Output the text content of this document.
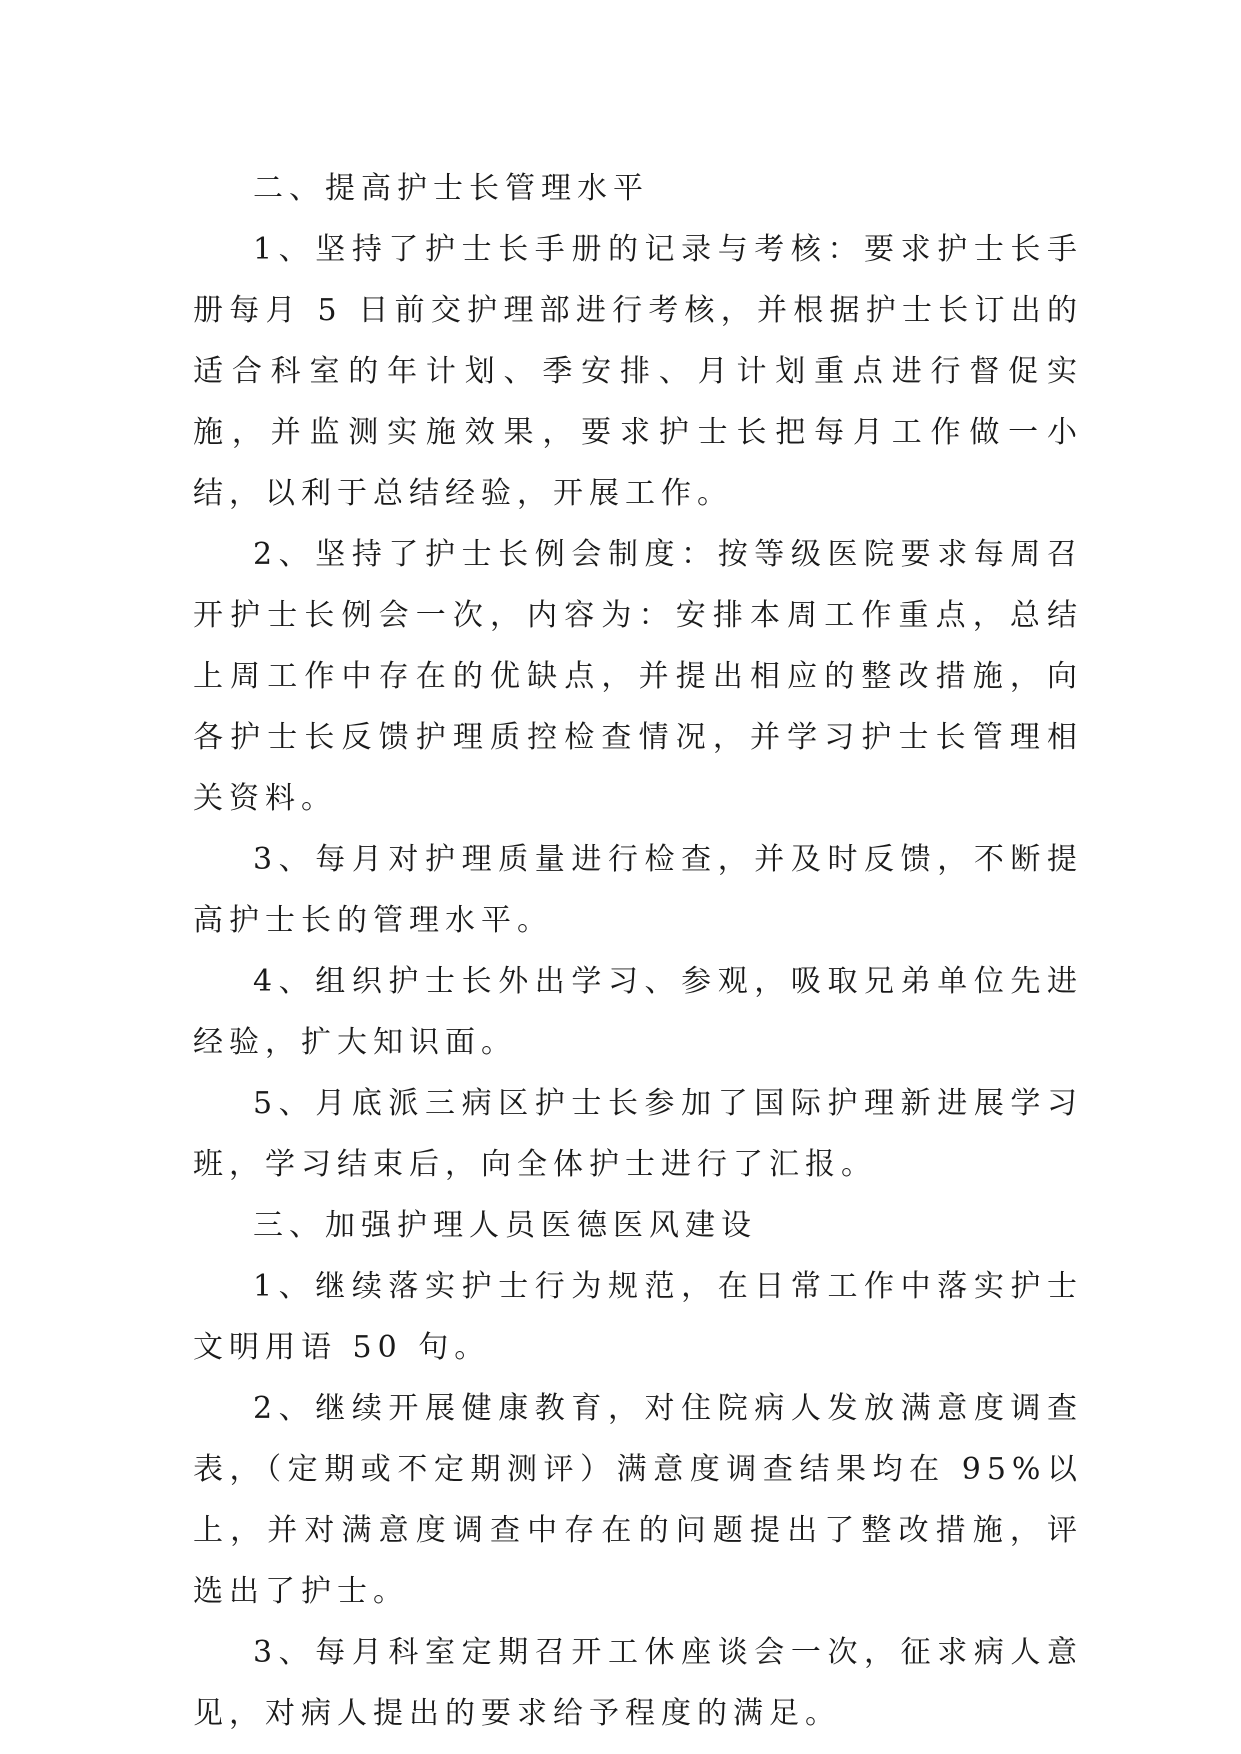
二、提高护士长管理水平

1、坚持了护士长手册的记录与考核：要求护士长手册每月 5 日前交护理部进行考核，并根据护士长订出的适合科室的年计划、季安排、月计划重点进行督促实施，并监测实施效果，要求护士长把每月工作做一小结，以利于总结经验，开展工作。

2、坚持了护士长例会制度：按等级医院要求每周召开护士长例会一次，内容为：安排本周工作重点，总结上周工作中存在的优缺点，并提出相应的整改措施，向各护士长反馈护理质控检查情况，并学习护士长管理相关资料。

3、每月对护理质量进行检查，并及时反馈，不断提高护士长的管理水平。

4、组织护士长外出学习、参观，吸取兄弟单位先进经验，扩大知识面。

5、月底派三病区护士长参加了国际护理新进展学习班，学习结束后，向全体护士进行了汇报。

三、加强护理人员医德医风建设

1、继续落实护士行为规范，在日常工作中落实护士文明用语 50 句。

2、继续开展健康教育，对住院病人发放满意度调查表，（定期或不定期测评）满意度调查结果均在 95%以上，并对满意度调查中存在的问题提出了整改措施，评选出了护士。

3、每月科室定期召开工休座谈会一次，征求病人意见，对病人提出的要求给予程度的满足。
